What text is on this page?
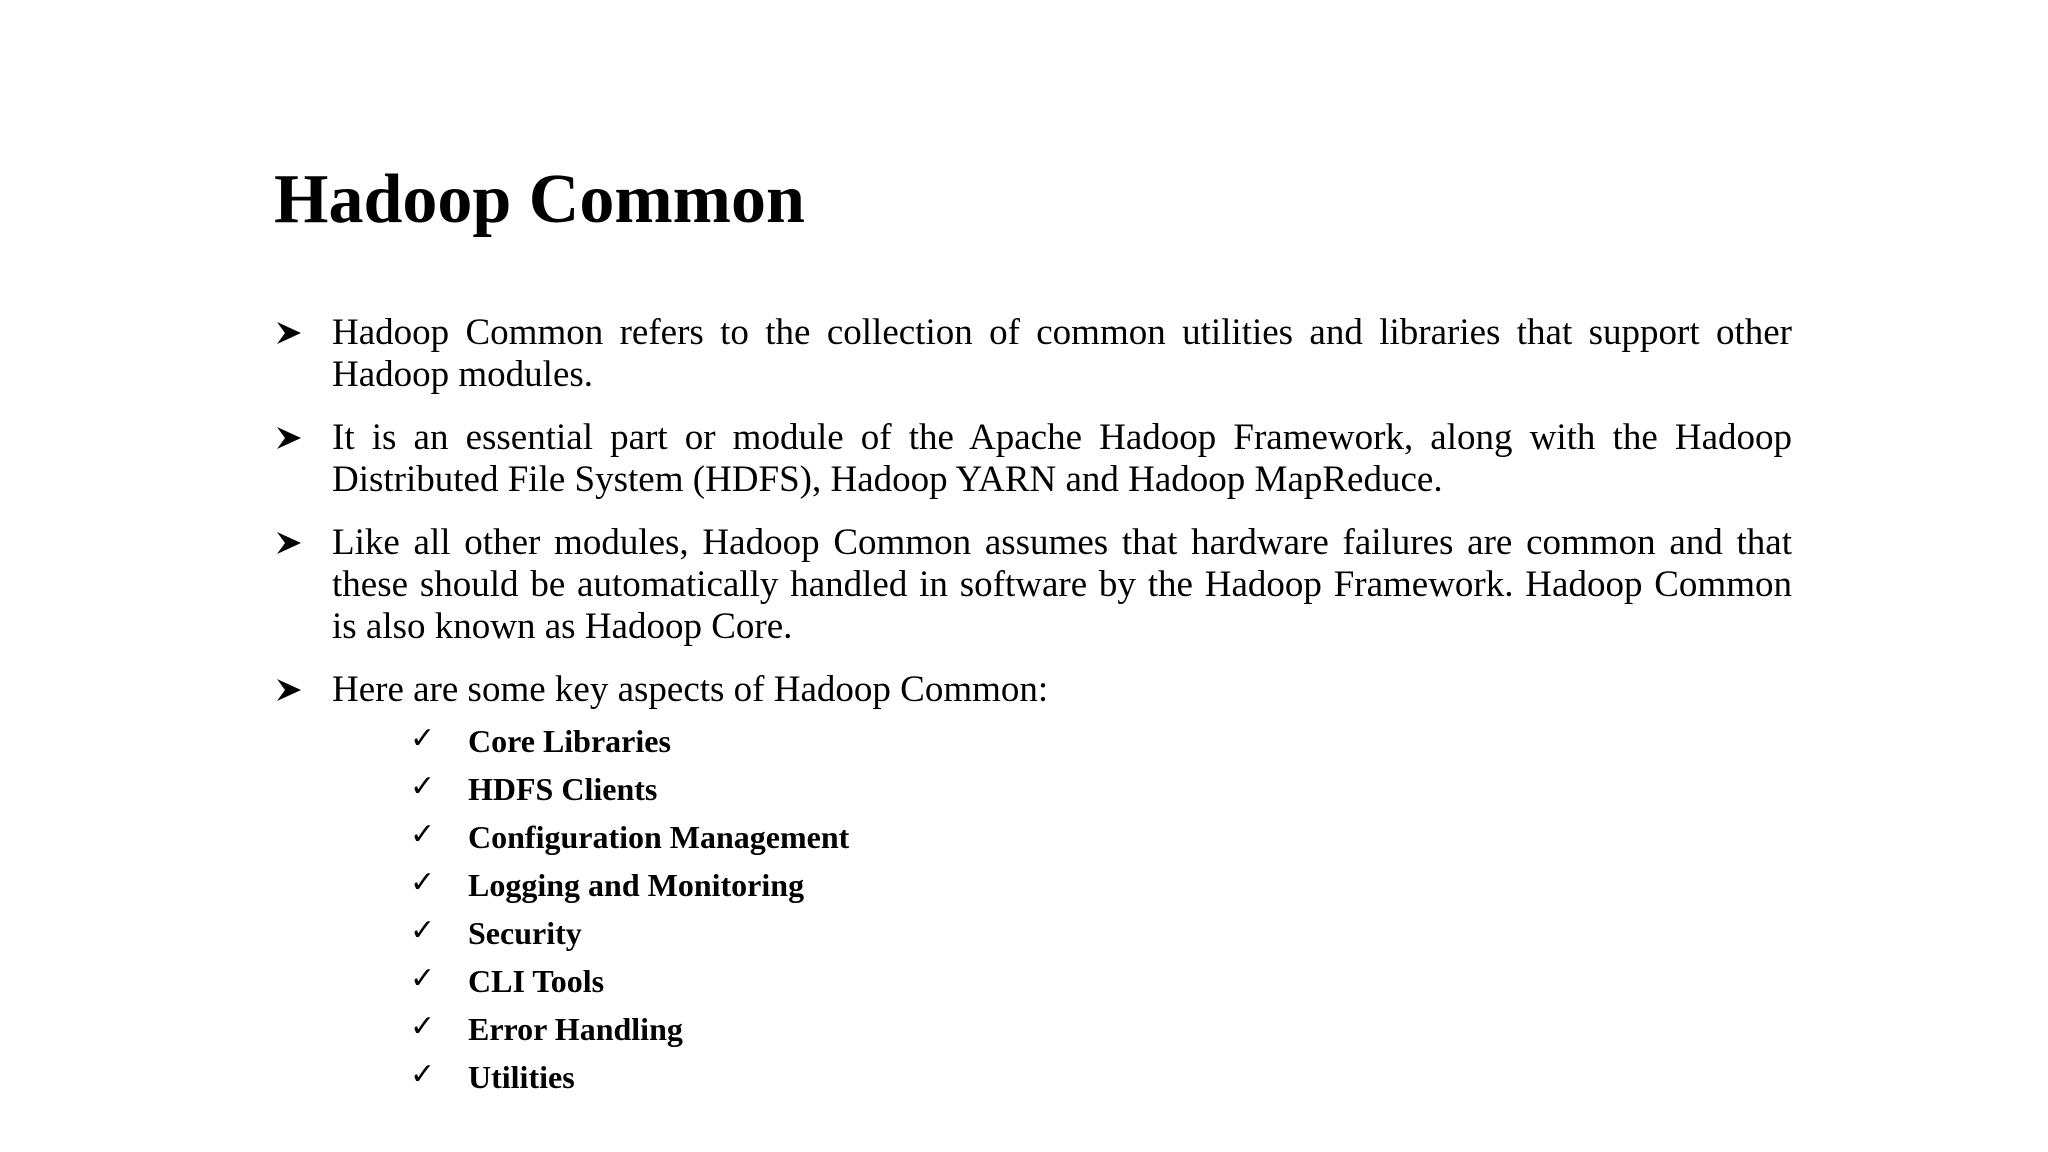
Hadoop Common
Hadoop Common refers to the collection of common utilities and libraries that support other Hadoop modules.
It is an essential part or module of the Apache Hadoop Framework, along with the Hadoop Distributed File System (HDFS), Hadoop YARN and Hadoop MapReduce.
Like all other modules, Hadoop Common assumes that hardware failures are common and that these should be automatically handled in software by the Hadoop Framework. Hadoop Common is also known as Hadoop Core.
Here are some key aspects of Hadoop Common:
✓ Core Libraries
✓ HDFS Clients
✓ Configuration Management
✓ Logging and Monitoring
✓ Security
✓ CLI Tools
✓ Error Handling
✓ Utilities
